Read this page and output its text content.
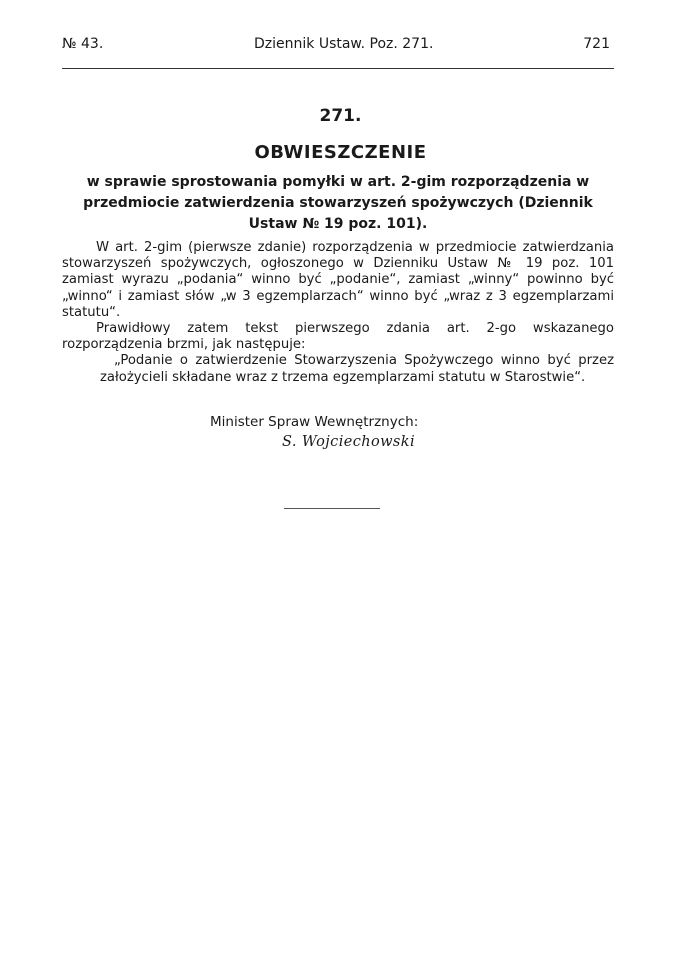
№ 43.	Dziennik Ustaw. Poz. 271.	721
271.
OBWIESZCZENIE
w sprawie sprostowania pomyłki w art. 2-gim rozporządzenia w przedmiocie zatwierdzenia stowarzyszeń spożywczych (Dziennik Ustaw № 19 poz. 101).

W art. 2-gim (pierwsze zdanie) rozporządzenia w przedmiocie zatwierdzania stowarzyszeń spożywczych, ogłoszonego w Dzienniku Ustaw № 19 poz. 101 zamiast wyrazu „podania“ winno być „podanie“, zamiast „winny“ powinno być „winno“ i zamiast słów „w 3 egzemplarzach“ winno być „wraz z 3 egzemplarzami statutu“.

Prawidłowy zatem tekst pierwszego zdania art. 2-go wskazanego rozporządzenia brzmi, jak następuje:

„Podanie o zatwierdzenie Stowarzyszenia Spożywczego winno być przez założycieli składane wraz z trzema egzemplarzami statutu w Starostwie“.

Minister Spraw Wewnętrznych:
S. Wojciechowski
